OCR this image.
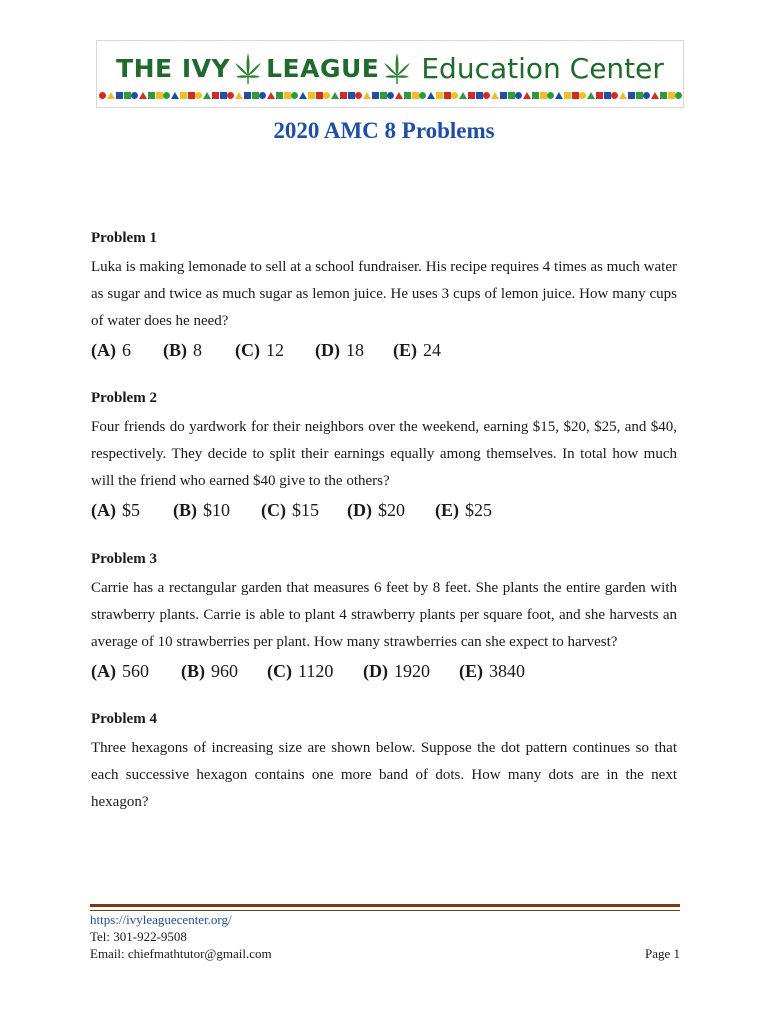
THE IVY LEAGUE Education Center
2020 AMC 8 Problems
Problem 1
Luka is making lemonade to sell at a school fundraiser. His recipe requires 4 times as much water as sugar and twice as much sugar as lemon juice. He uses 3 cups of lemon juice. How many cups of water does he need?
(A) 6 (B) 8 (C) 12 (D) 18 (E) 24
Problem 2
Four friends do yardwork for their neighbors over the weekend, earning $15, $20, $25, and $40, respectively. They decide to split their earnings equally among themselves. In total how much will the friend who earned $40 give to the others?
(A) $5 (B) $10 (C) $15 (D) $20 (E) $25
Problem 3
Carrie has a rectangular garden that measures 6 feet by 8 feet. She plants the entire garden with strawberry plants. Carrie is able to plant 4 strawberry plants per square foot, and she harvests an average of 10 strawberries per plant. How many strawberries can she expect to harvest?
(A) 560 (B) 960 (C) 1120 (D) 1920 (E) 3840
Problem 4
Three hexagons of increasing size are shown below. Suppose the dot pattern continues so that each successive hexagon contains one more band of dots. How many dots are in the next hexagon?
https://ivyleaguecenter.org/
Tel: 301-922-9508
Email: chiefmathtutor@gmail.com	Page 1
